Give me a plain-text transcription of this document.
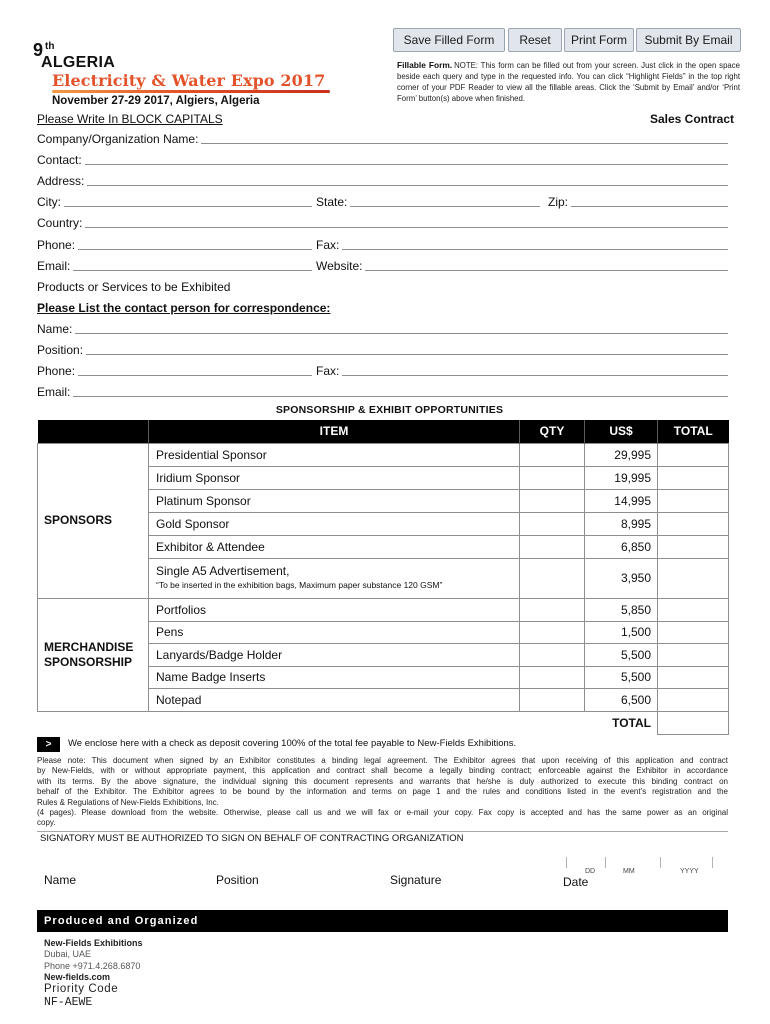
Save Filled Form	Reset	Print Form	Submit By Email
9 th
ALGERIA
Electricity & Water Expo 2017
November 27-29 2017, Algiers, Algeria

Fillable Form. NOTE: This form can be filled out from your screen. Just click in the open space beside each query and type in the requested info. You can click “Highlight Fields” in the top right corner of your PDF Reader to view all the fillable areas. Click the ‘Submit by Email’ and/or ‘Print Form’ button(s) above when finished.

Please Write In BLOCK CAPITALS	Sales Contract
Company/Organization Name:
Contact:
Address:
City:	State:	Zip:
Country:
Phone:	Fax:
Email:	Website:
Products or Services to be Exhibited
Please List the contact person for correspondence:
Name:
Position:
Phone:	Fax:
Email:
SPONSORSHIP & EXHIBIT OPPORTUNITIES
	ITEM	QTY	US$	TOTAL
SPONSORS	Presidential Sponsor		29,995	
	Iridium Sponsor		19,995	
	Platinum Sponsor		14,995	
	Gold Sponsor		8,995	
	Exhibitor & Attendee		6,850	
	Single A5 Advertisement,
“To be inserted in the exhibition bags, Maximum paper substance 120 GSM”		3,950	
MERCHANDISE SPONSORSHIP	Portfolios		5,850	
	Pens		1,500	
	Lanyards/Badge Holder		5,500	
	Name Badge Inserts		5,500	
	Notepad		6,500	
			TOTAL	
>	We enclose here with a check as deposit covering 100% of the total fee payable to New-Fields Exhibitions.
Please note: This document when signed by an Exhibitor constitutes a binding legal agreement. The Exhibitor agrees that upon receiving of this application and contract
by New-Fields, with or without appropriate payment, this application and contract shall become a legally binding contract; enforceable against the Exhibitor in accordance
with its terms. By the above signature, the individual signing this document represents and warrants that he/she is duly authorized to execute this binding contract on
behalf of the Exhibitor. The Exhibitor agrees to be bound by the information and terms on page 1 and the rules and conditions listed in the event’s registration and the
Rules & Regulations of New-Fields Exhibitions, Inc.
(4 pages). Please download from the website. Otherwise, please call us and we will fax or e-mail your copy. Fax copy is accepted and has the same power as an original
copy.
SIGNATORY MUST BE AUTHORIZED TO SIGN ON BEHALF OF CONTRACTING ORGANIZATION
Name	Position	Signature
DD	MM	YYYY
Date
Produced and Organized
New-Fields Exhibitions
Dubai, UAE
Phone +971.4.268.6870
New-fields.com
Priority Code
NF-AEWE
